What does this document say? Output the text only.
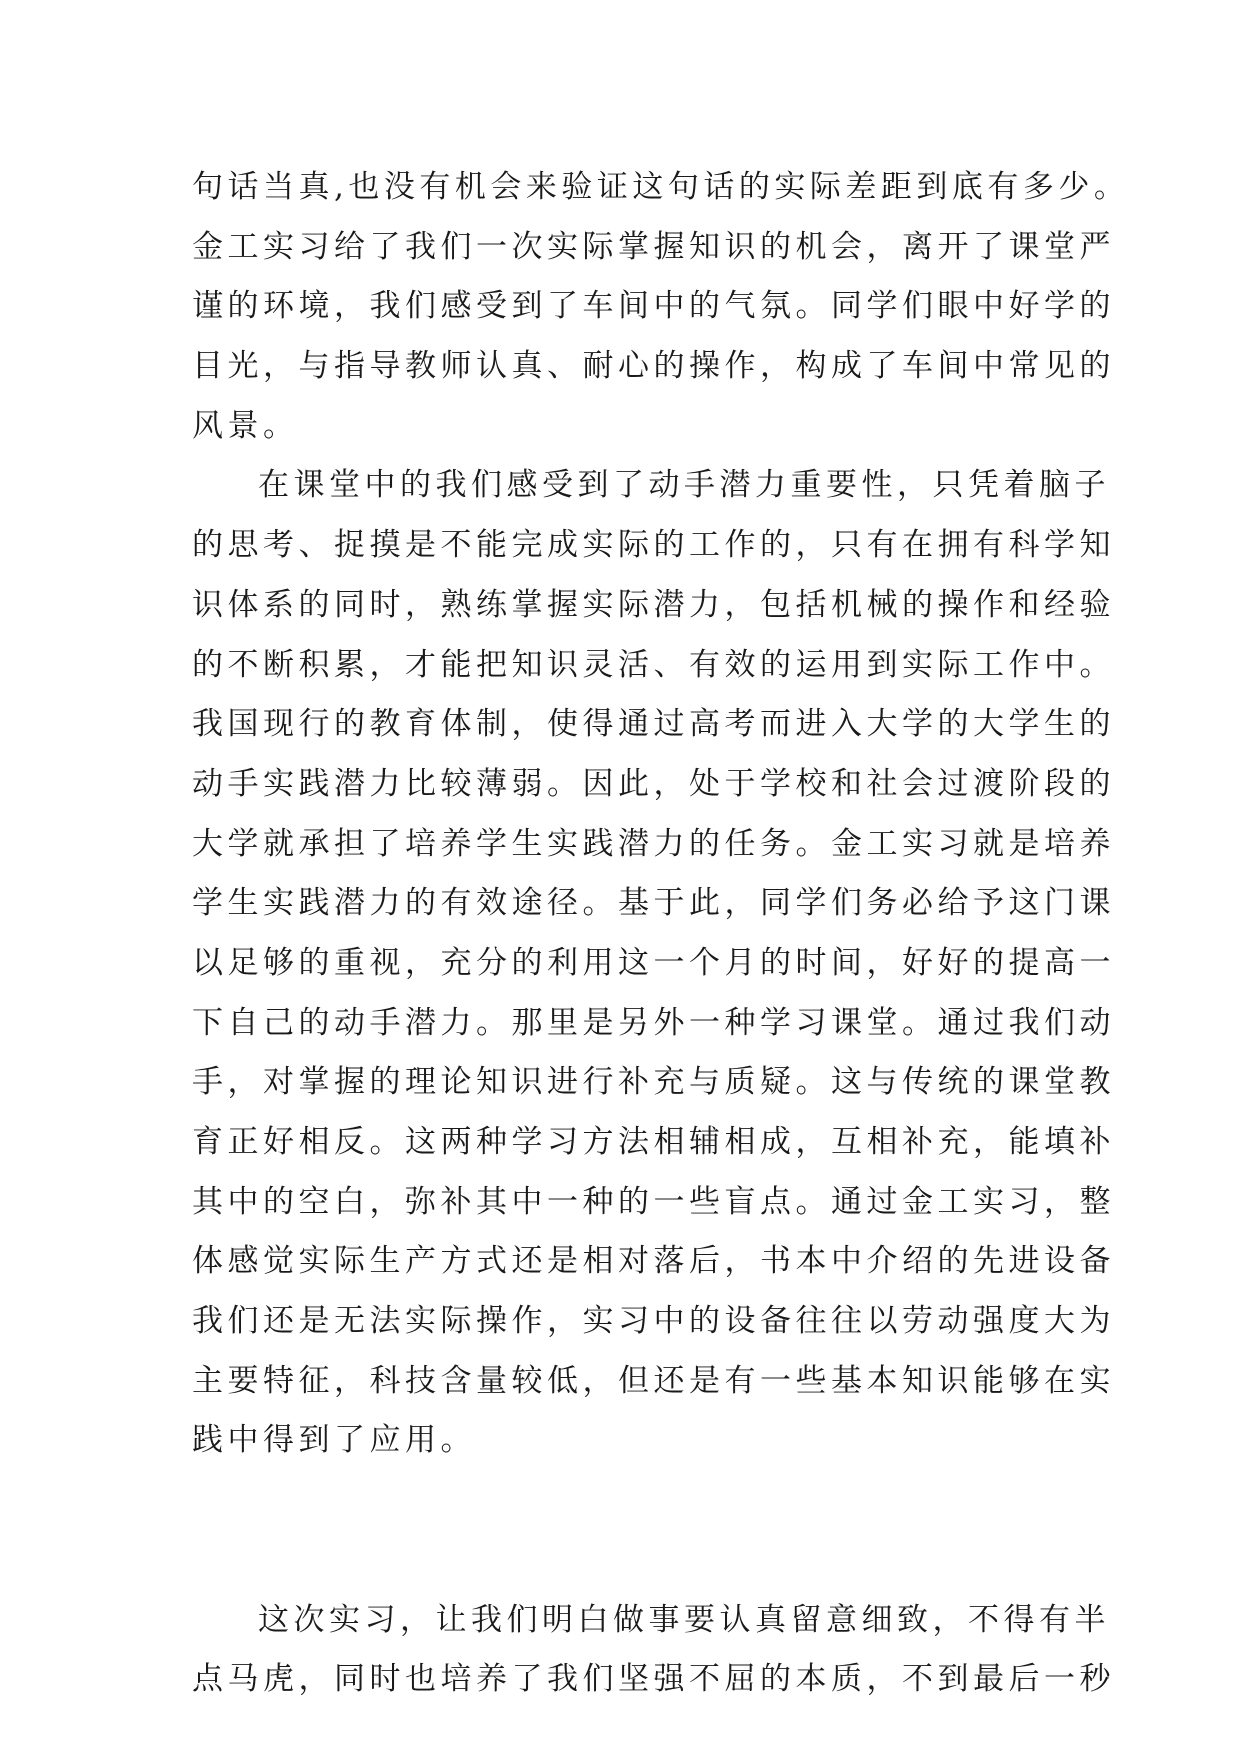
句话当真,也没有机会来验证这句话的实际差距到底有多少。
金工实习给了我们一次实际掌握知识的机会，离开了课堂严
谨的环境，我们感受到了车间中的气氛。同学们眼中好学的
目光，与指导教师认真、耐心的操作，构成了车间中常见的
风景。
在课堂中的我们感受到了动手潜力重要性，只凭着脑子
的思考、捉摸是不能完成实际的工作的，只有在拥有科学知
识体系的同时，熟练掌握实际潜力，包括机械的操作和经验
的不断积累，才能把知识灵活、有效的运用到实际工作中。
我国现行的教育体制，使得通过高考而进入大学的大学生的
动手实践潜力比较薄弱。因此，处于学校和社会过渡阶段的
大学就承担了培养学生实践潜力的任务。金工实习就是培养
学生实践潜力的有效途径。基于此，同学们务必给予这门课
以足够的重视，充分的利用这一个月的时间，好好的提高一
下自己的动手潜力。那里是另外一种学习课堂。通过我们动
手，对掌握的理论知识进行补充与质疑。这与传统的课堂教
育正好相反。这两种学习方法相辅相成，互相补充，能填补
其中的空白，弥补其中一种的一些盲点。通过金工实习，整
体感觉实际生产方式还是相对落后，书本中介绍的先进设备
我们还是无法实际操作，实习中的设备往往以劳动强度大为
主要特征，科技含量较低，但还是有一些基本知识能够在实
践中得到了应用。
这次实习，让我们明白做事要认真留意细致，不得有半
点马虎，同时也培养了我们坚强不屈的本质，不到最后一秒
